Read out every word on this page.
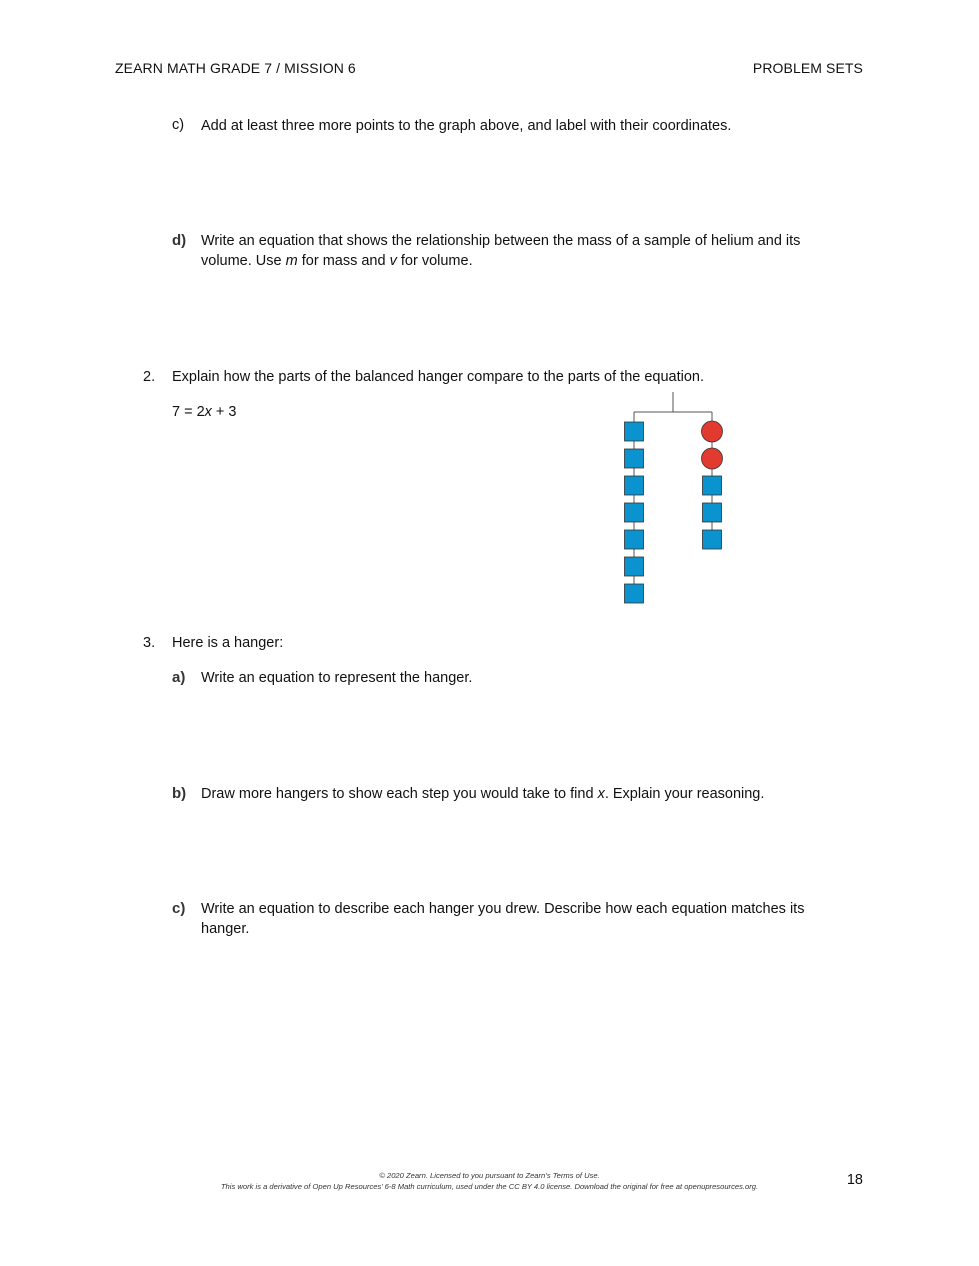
ZEARN MATH GRADE 7 / MISSION 6	PROBLEM SETS
c) Add at least three more points to the graph above, and label with their coordinates.
d) Write an equation that shows the relationship between the mass of a sample of helium and its
volume. Use m for mass and v for volume.
2. Explain how the parts of the balanced hanger compare to the parts of the equation.
7 = 2x + 3
3. Here is a hanger:
a) Write an equation to represent the hanger.
b) Draw more hangers to show each step you would take to find x. Explain your reasoning.
c) Write an equation to describe each hanger you drew. Describe how each equation matches its
hanger.
© 2020 Zearn. Licensed to you pursuant to Zearn’s Terms of Use.
This work is a derivative of Open Up Resources’ 6-8 Math curriculum, used under the CC BY 4.0 license. Download the original for free at openupresources.org.	18
